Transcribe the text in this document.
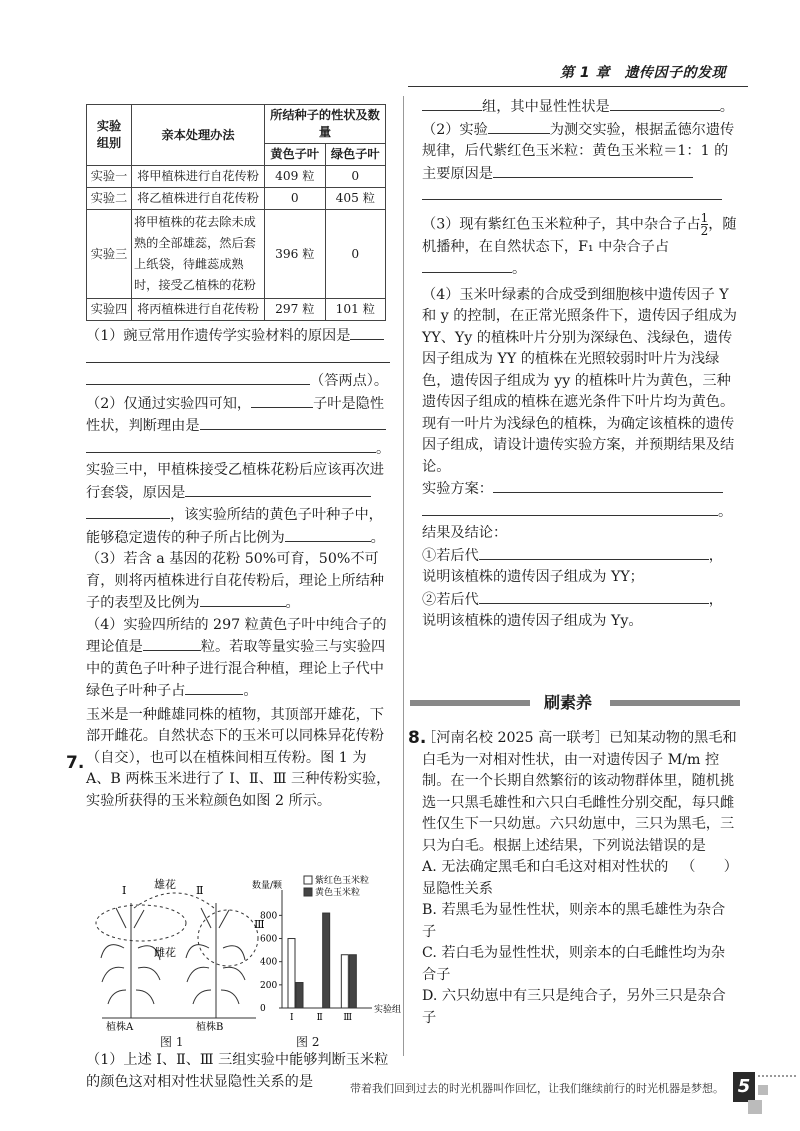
第 1 章　遗传因子的发现
实验
组别	亲本处理办法	所结种子的性状及数量	
		黄色子叶	绿色子叶
实验一	将甲植株进行自花传粉	409 粒	0
实验二	将乙植株进行自花传粉	0	405 粒
实验三	将甲植株的花去除未成熟的全部雄蕊，然后套上纸袋，待雌蕊成熟时，接受乙植株的花粉	396 粒	0
实验四	将丙植株进行自花传粉	297 粒	101 粒

（1）豌豆常用作遗传学实验材料的原因是

（答两点）。

（2）仅通过实验四可知，	子叶是隐性性状，判断理由是
。

实验三中，甲植株接受乙植株花粉后应该再次进行套袋，原因是
，该实验所结的黄色子叶种子中，能够稳定遗传的种子所占比例为	。

（3）若含 a 基因的花粉 50%可育，50%不可育，则将丙植株进行自花传粉后，理论上所结种子的表型及比例为	。

（4）实验四所结的 297 粒黄色子叶中纯合子的理论值是	粒。若取等量实验三与实验四中的黄色子叶种子进行混合种植，理论上子代中绿色子叶种子占	。

玉米是一种雌雄同株的植物，其顶部开雄花，下部开雌花。自然状态下的玉米可以同株异花传粉（自交），也可以在植株间相互传粉。图 1 为 A、B 两株玉米进行了 Ⅰ、Ⅱ、Ⅲ 三种传粉实验，实验所获得的玉米粒颜色如图 2 所示。

7.
雄花
雌花
Ⅰ	Ⅱ
Ⅲ
植株A	植株B
数量/颗
实验组
0
200
400
600
800
Ⅰ	Ⅱ Ⅲ
紫红色玉米粒
黄色玉米粒
图 1	图 2

（1）上述 Ⅰ、Ⅱ、Ⅲ 三组实验中能够判断玉米粒的颜色这对相对性状显隐性关系的是

组，其中显性性状是	。

（2）实验	为测交实验，根据孟德尔遗传规律，后代紫红色玉米粒：黄色玉米粒＝1：1 的主要原因是

（3）现有紫红色玉米粒种子，其中杂合子占 $\frac{1}{2}$ ，随机播种，在自然状态下，F₁ 中杂合子占
。

（4）玉米叶绿素的合成受到细胞核中遗传因子 Y 和 y 的控制，在正常光照条件下，遗传因子组成为 YY、Yy 的植株叶片分别为深绿色、浅绿色，遗传因子组成为 YY 的植株在光照较弱时叶片为浅绿色，遗传因子组成为 yy 的植株叶片为黄色，三种遗传因子组成的植株在遮光条件下叶片均为黄色。现有一叶片为浅绿色的植株，为确定该植株的遗传因子组成，请设计遗传实验方案，并预期结果及结论。

实验方案：
。

结果及结论：

①若后代	，
说明该植株的遗传因子组成为 YY；

②若后代	，
说明该植株的遗传因子组成为 Yy。

刷素养
8.

［河南名校 2025 高一联考］已知某动物的黑毛和白毛为一对相对性状，由一对遗传因子 M/m 控制。在一个长期自然繁衍的该动物群体里，随机挑选一只黑毛雄性和六只白毛雌性分别交配，每只雌性仅生下一只幼崽。六只幼崽中，三只为黑毛，三只为白毛。根据上述结果，下列说法错误的是
（　　）

A. 无法确定黑毛和白毛这对相对性状的显隐性关系

B. 若黑毛为显性性状，则亲本的黑毛雄性为杂合子

C. 若白毛为显性性状，则亲本的白毛雌性均为杂合子

D. 六只幼崽中有三只是纯合子，另外三只是杂合子

带着我们回到过去的时光机器叫作回忆，让我们继续前行的时光机器是梦想。 5
